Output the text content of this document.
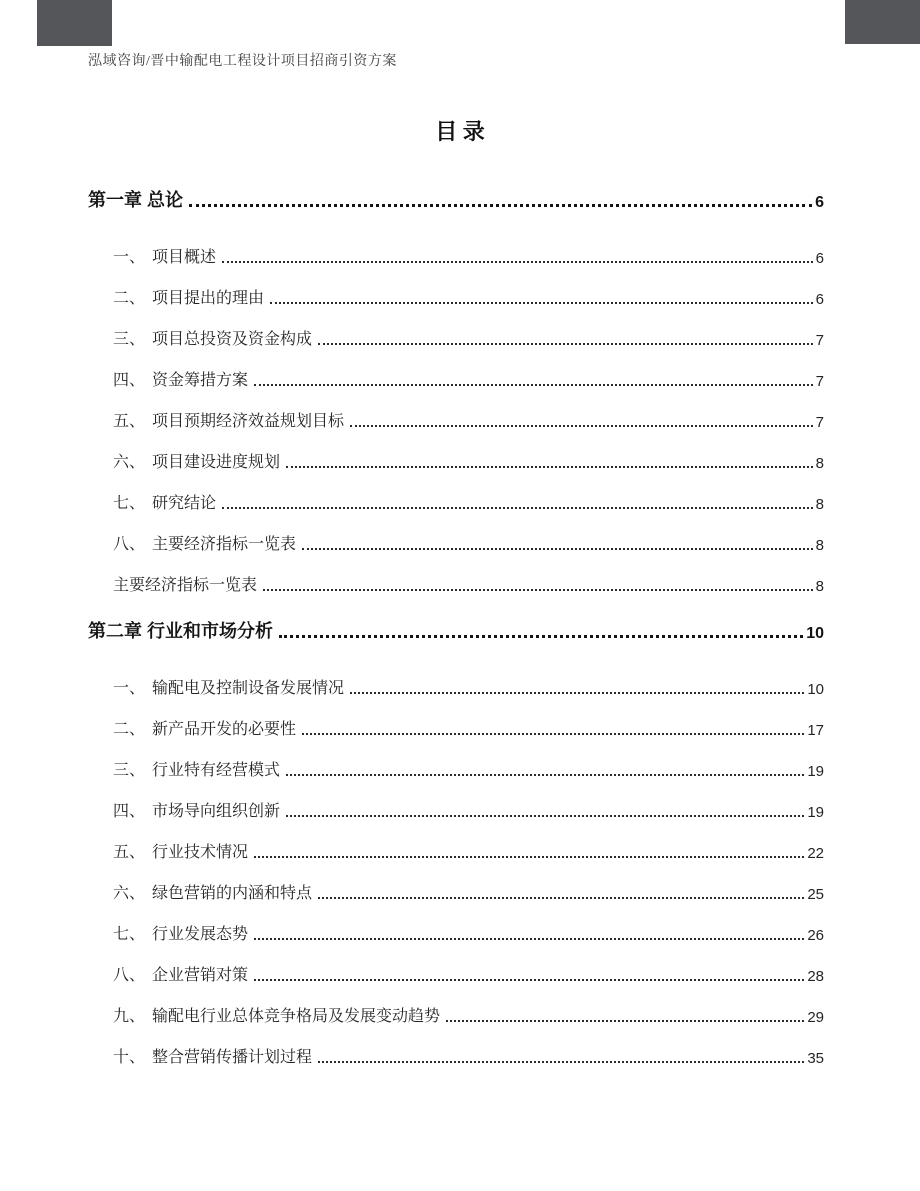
泓域咨询/晋中输配电工程设计项目招商引资方案
目 录
第一章 总论	6
一、 项目概述	6
二、 项目提出的理由	6
三、 项目总投资及资金构成	7
四、 资金筹措方案	7
五、 项目预期经济效益规划目标	7
六、 项目建设进度规划	8
七、 研究结论	8
八、 主要经济指标一览表	8
主要经济指标一览表	8
第二章 行业和市场分析	10
一、 输配电及控制设备发展情况	10
二、 新产品开发的必要性	17
三、 行业特有经营模式	19
四、 市场导向组织创新	19
五、 行业技术情况	22
六、 绿色营销的内涵和特点	25
七、 行业发展态势	26
八、 企业营销对策	28
九、 输配电行业总体竞争格局及发展变动趋势	29
十、 整合营销传播计划过程	35
